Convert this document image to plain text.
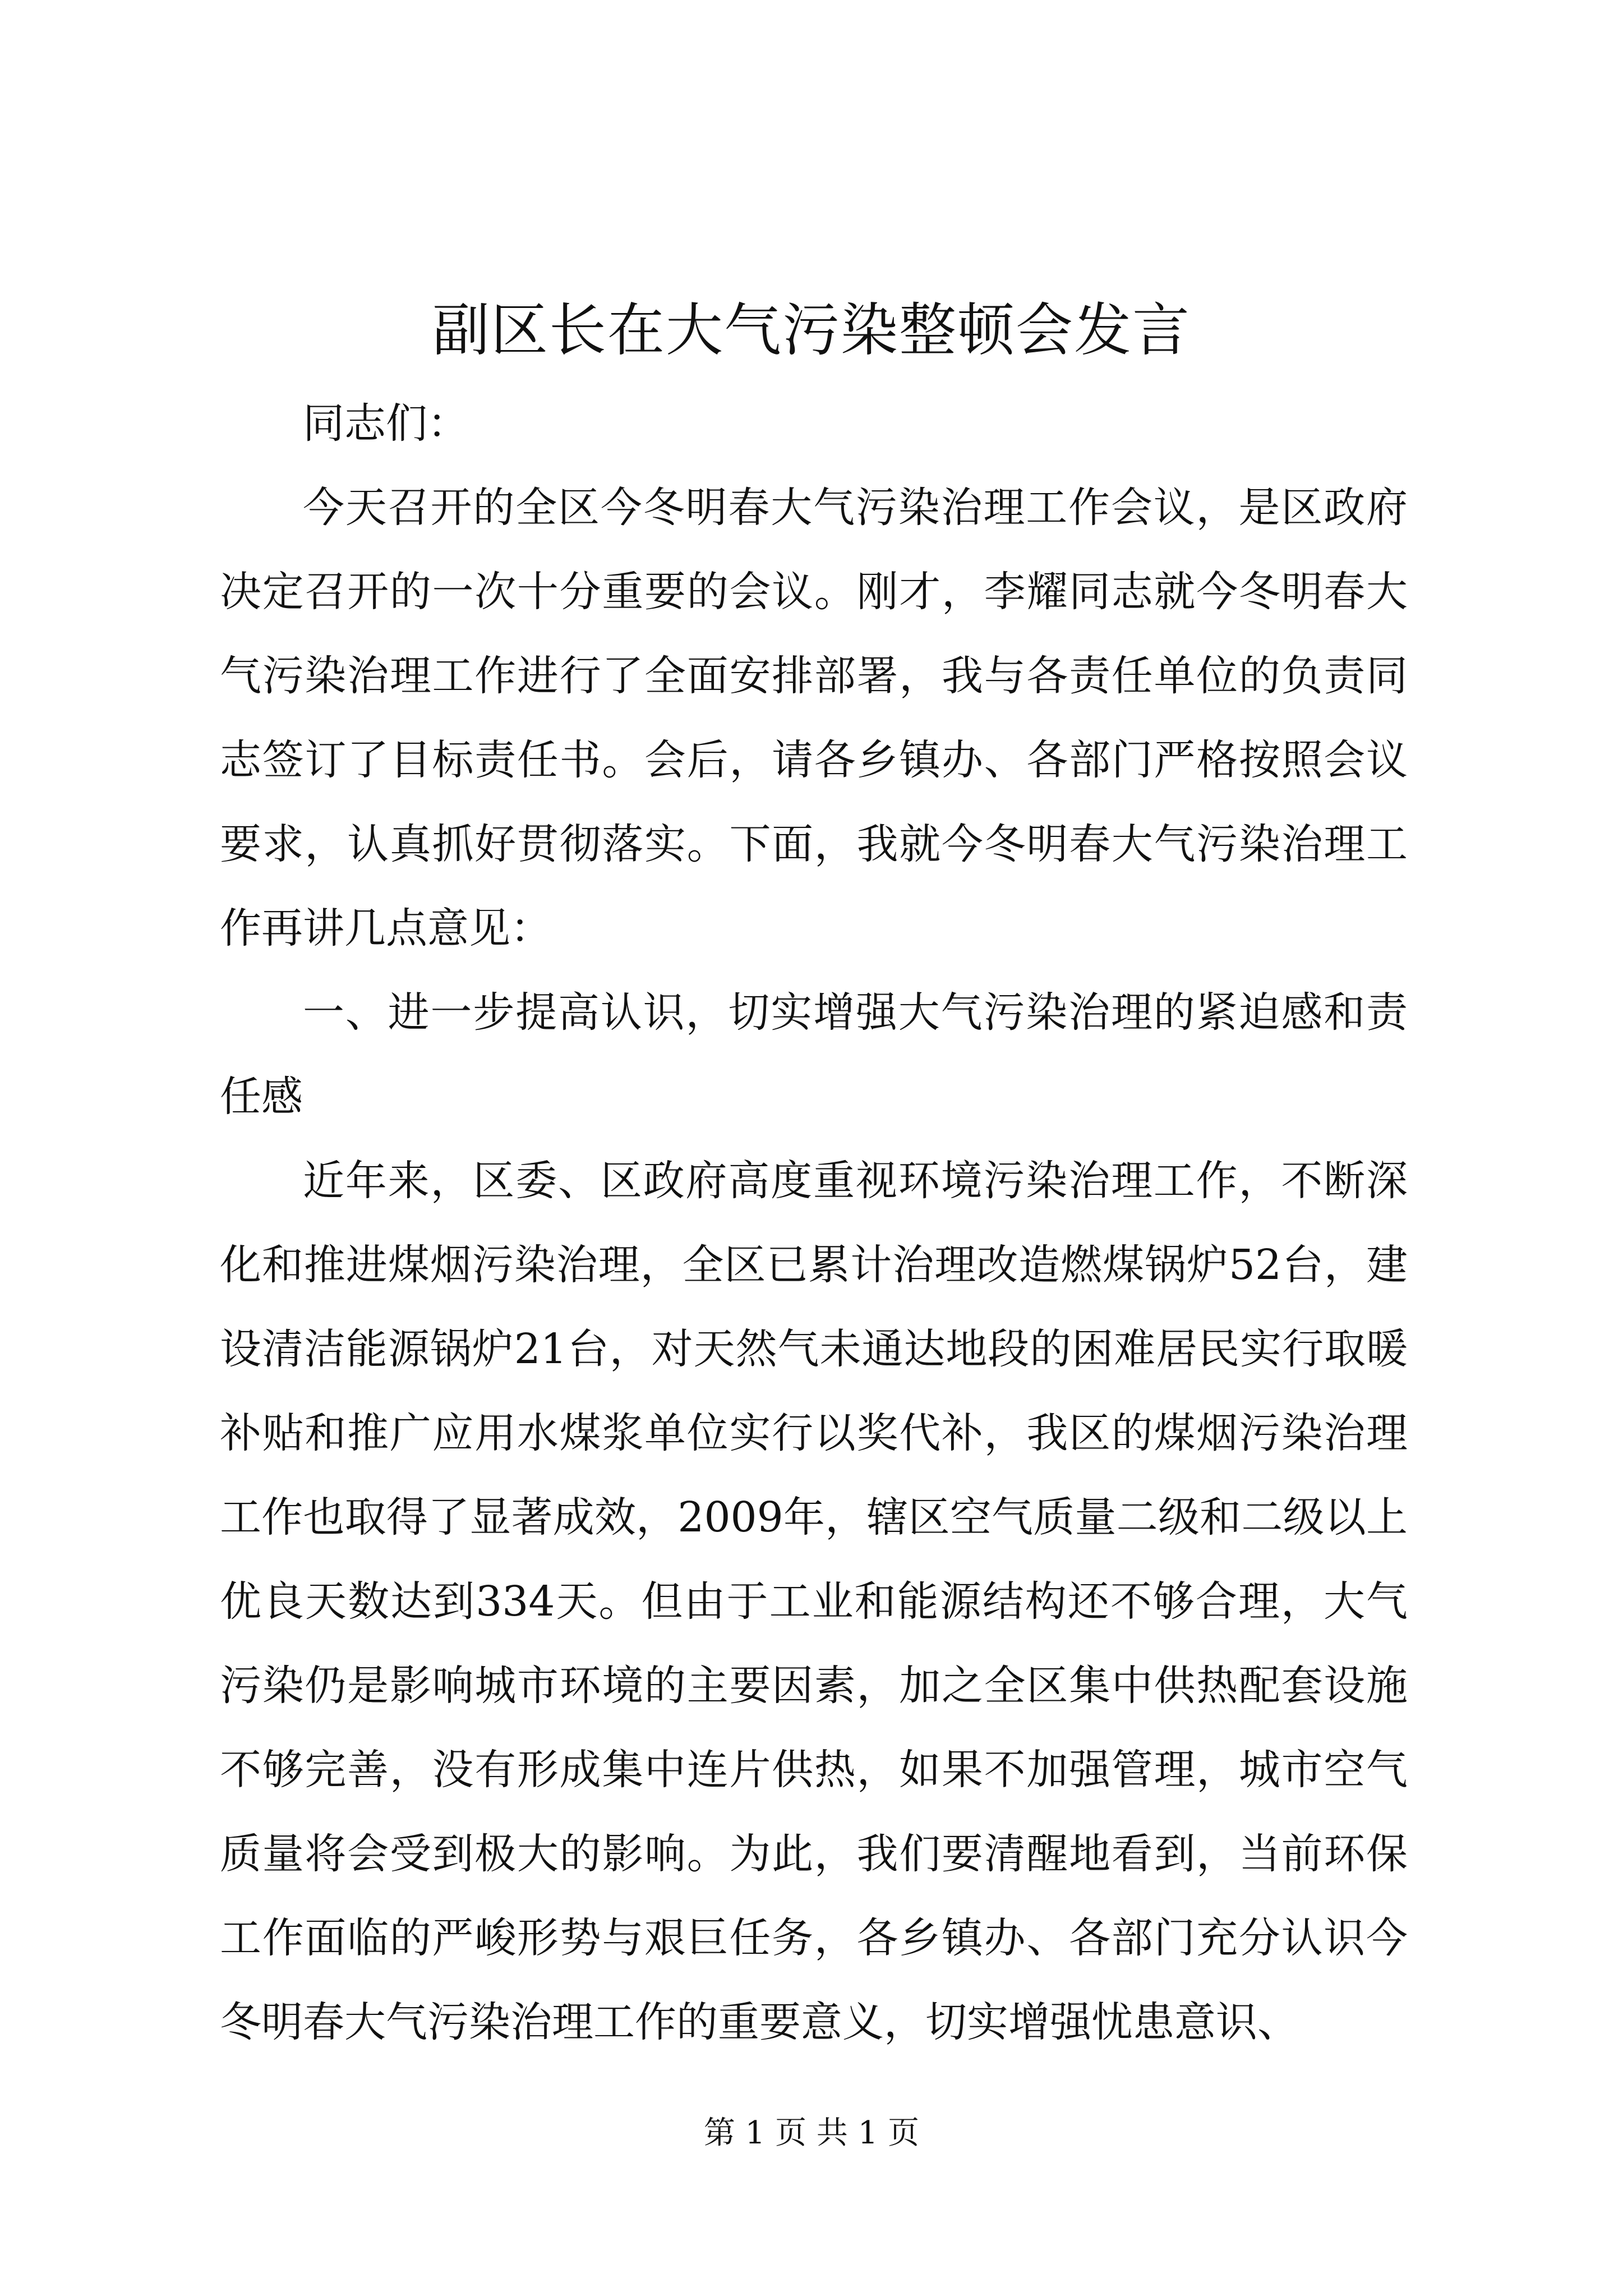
副区长在大气污染整顿会发言

同志们：

今天召开的全区今冬明春大气污染治理工作会议，是区政府决定召开的一次十分重要的会议。刚才，李耀同志就今冬明春大气污染治理工作进行了全面安排部署，我与各责任单位的负责同志签订了目标责任书。会后，请各乡镇办、各部门严格按照会议要求，认真抓好贯彻落实。下面，我就今冬明春大气污染治理工作再讲几点意见：

一、进一步提高认识，切实增强大气污染治理的紧迫感和责任感

近年来，区委、区政府高度重视环境污染治理工作，不断深化和推进煤烟污染治理，全区已累计治理改造燃煤锅炉52台，建设清洁能源锅炉21台，对天然气未通达地段的困难居民实行取暖补贴和推广应用水煤浆单位实行以奖代补，我区的煤烟污染治理工作也取得了显著成效，2009年，辖区空气质量二级和二级以上优良天数达到334天。但由于工业和能源结构还不够合理，大气污染仍是影响城市环境的主要因素，加之全区集中供热配套设施不够完善，没有形成集中连片供热，如果不加强管理，城市空气质量将会受到极大的影响。为此，我们要清醒地看到，当前环保工作面临的严峻形势与艰巨任务，各乡镇办、各部门充分认识今冬明春大气污染治理工作的重要意义，切实增强忧患意识、

第 1 页 共 1 页
